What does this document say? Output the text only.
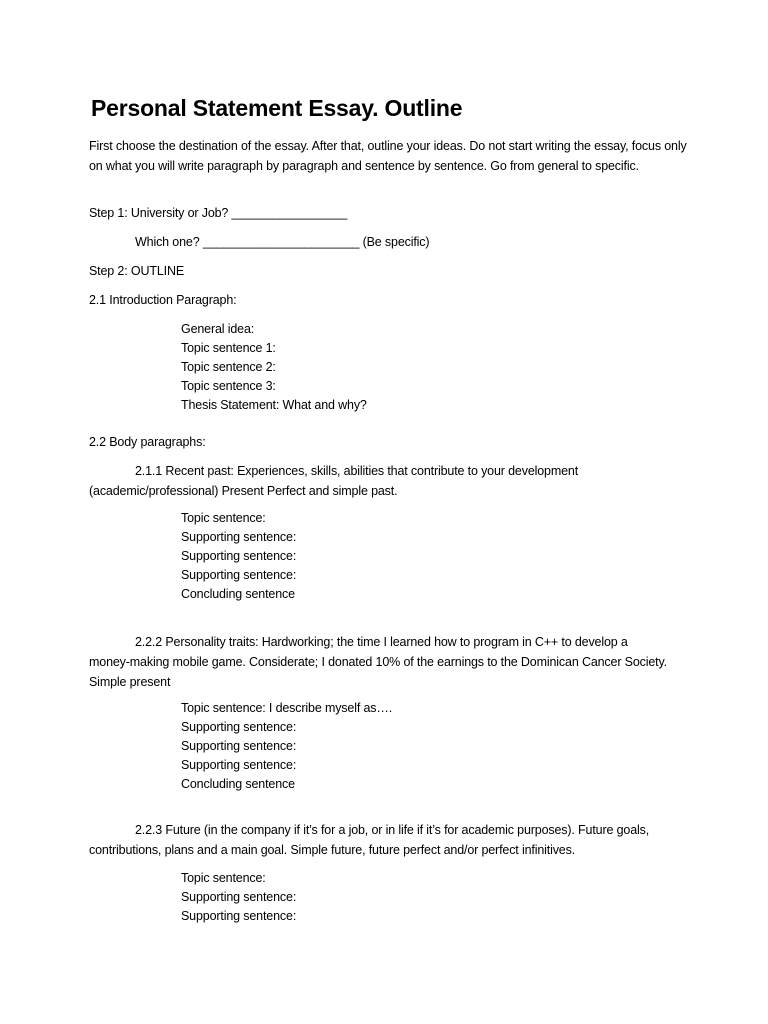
Personal Statement Essay. Outline

First choose the destination of the essay. After that, outline your ideas. Do not start writing the essay, focus only on what you will write paragraph by paragraph and sentence by sentence. Go from general to specific.

Step 1: University or Job? _________________

Which one? _______________________ (Be specific)

Step 2: OUTLINE

2.1 Introduction Paragraph:

General idea:

Topic sentence 1:

Topic sentence 2:

Topic sentence 3:

Thesis Statement: What and why?

2.2 Body paragraphs:

2.1.1 Recent past: Experiences, skills, abilities that contribute to your development (academic/professional) Present Perfect and simple past.

Topic sentence:

Supporting sentence:

Supporting sentence:

Supporting sentence:

Concluding sentence

2.2.2 Personality traits: Hardworking; the time I learned how to program in C++ to develop a money-making mobile game. Considerate; I donated 10% of the earnings to the Dominican Cancer Society. Simple present

Topic sentence: I describe myself as….

Supporting sentence:

Supporting sentence:

Supporting sentence:

Concluding sentence

2.2.3 Future (in the company if it’s for a job, or in life if it’s for academic purposes). Future goals, contributions, plans and a main goal. Simple future, future perfect and/or perfect infinitives.

Topic sentence:

Supporting sentence:

Supporting sentence:
